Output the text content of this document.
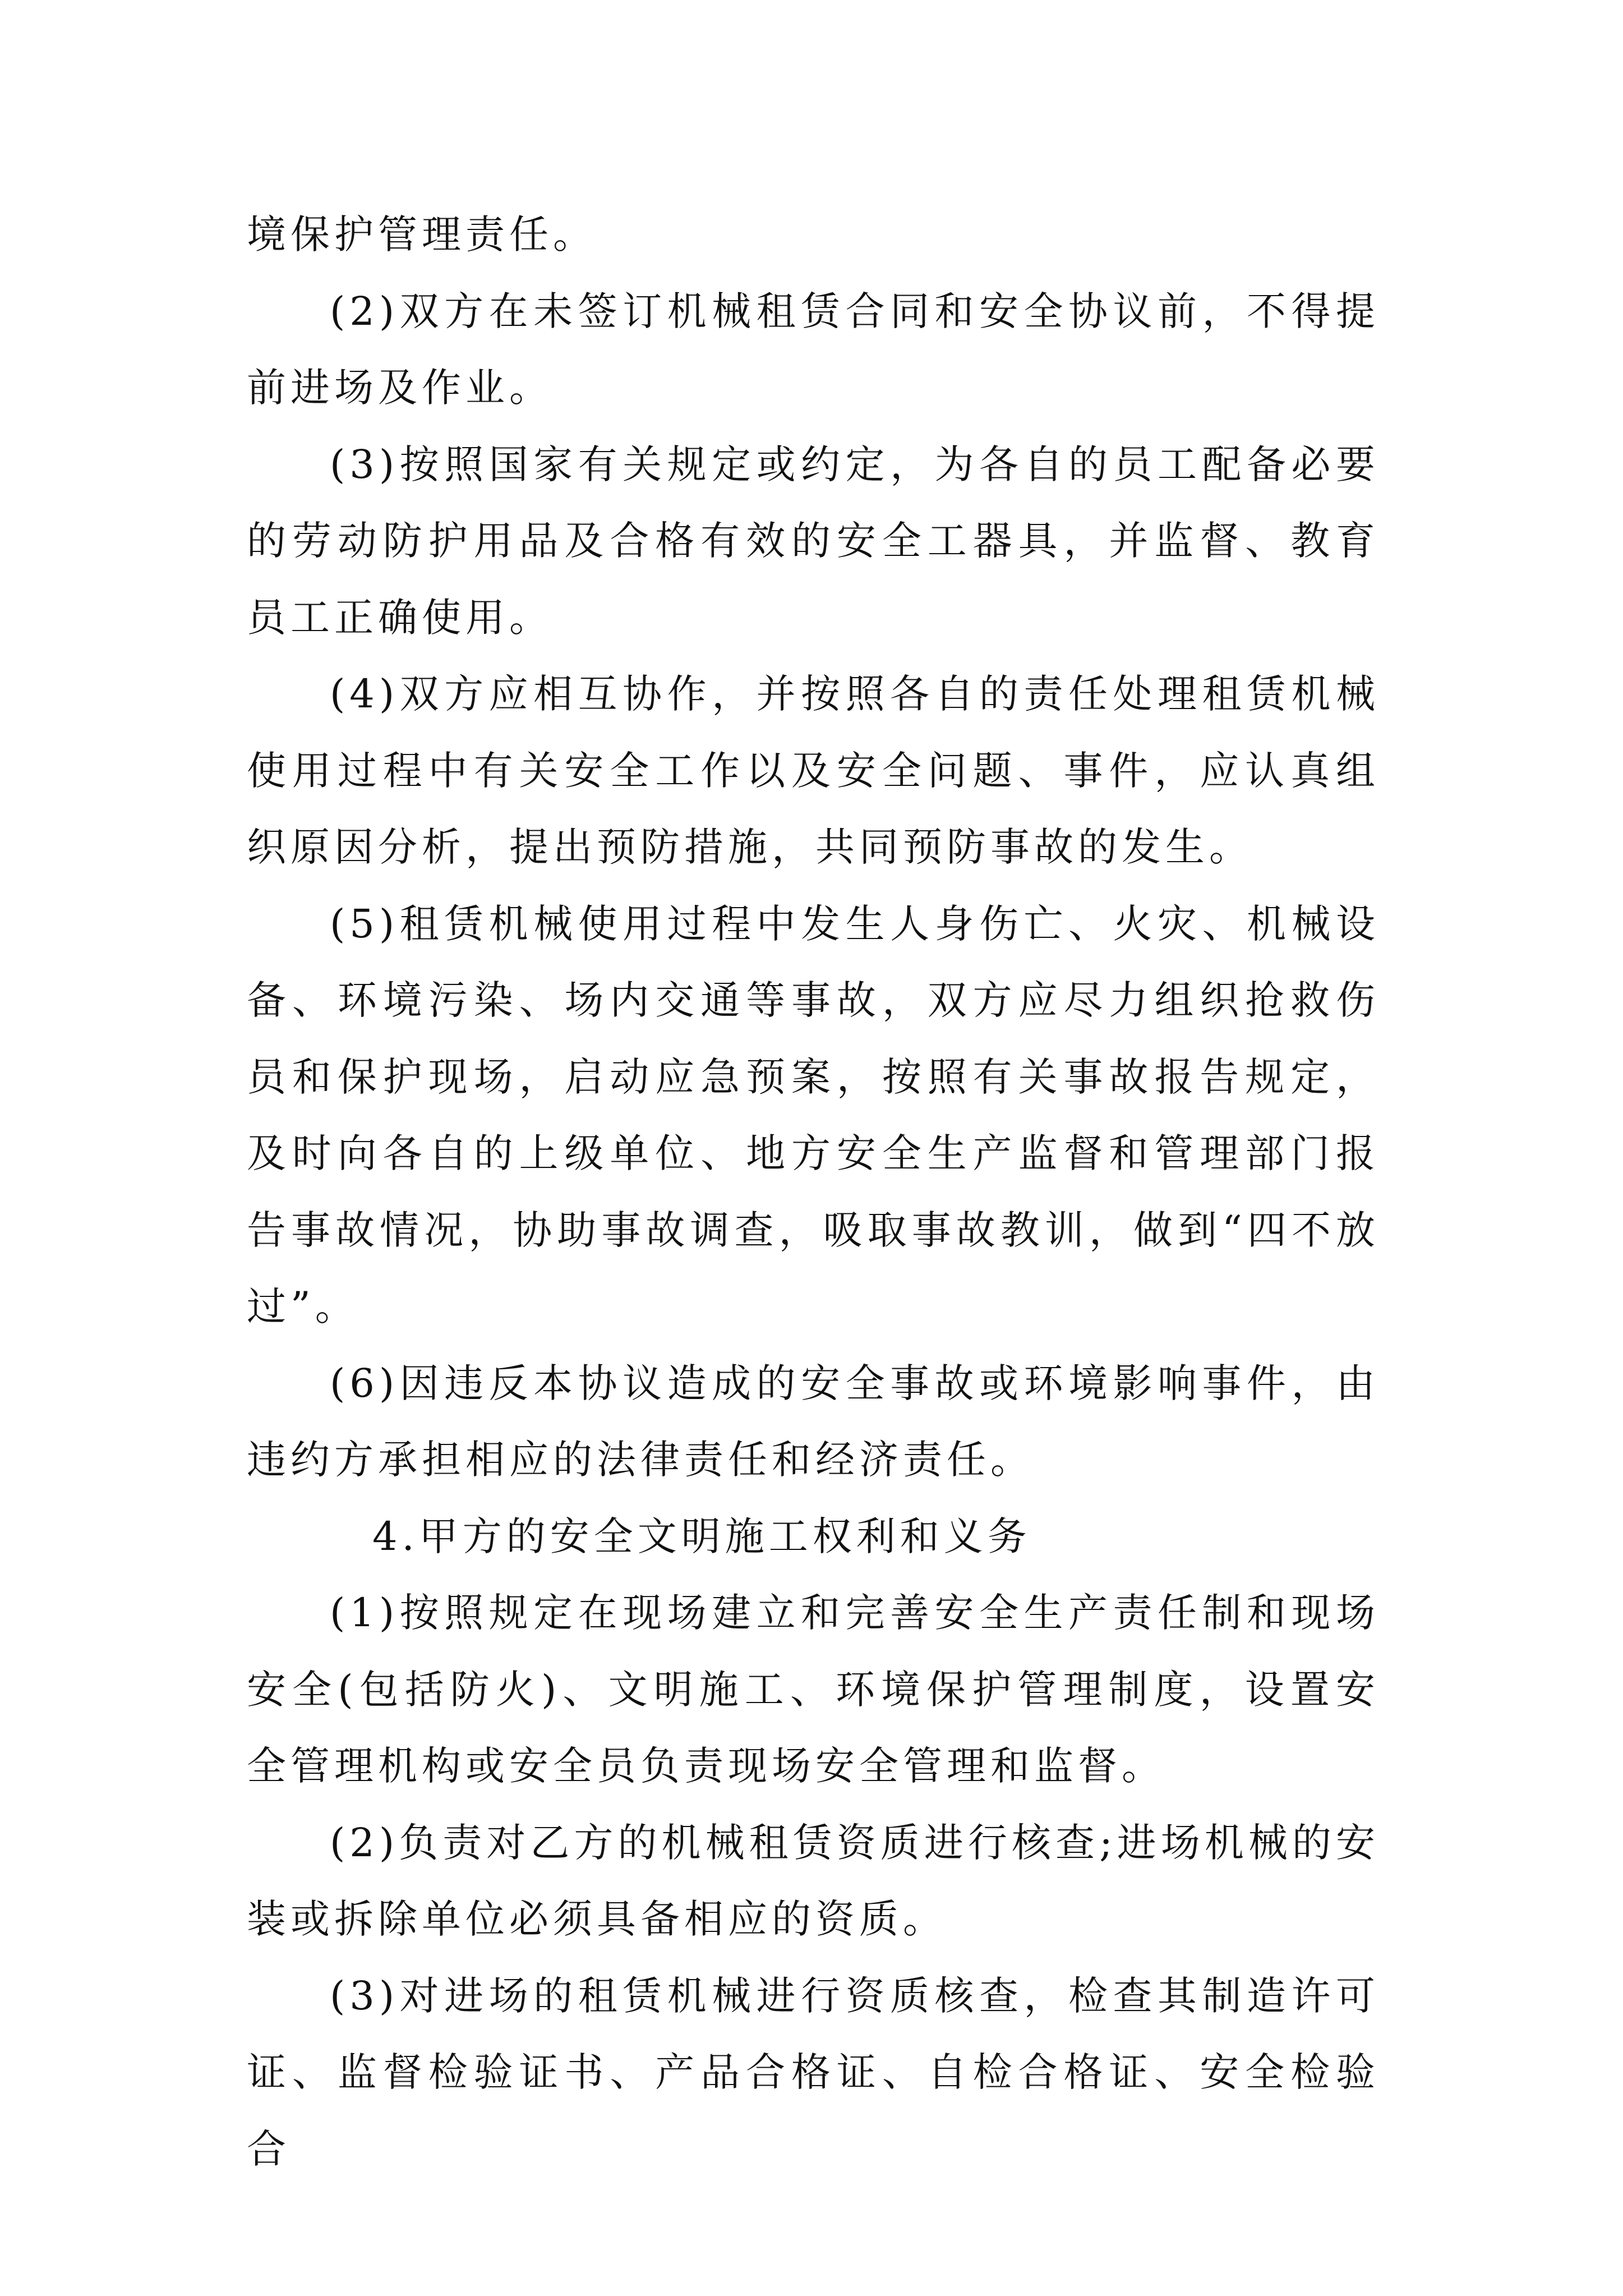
境保护管理责任。

(2)双方在未签订机械租赁合同和安全协议前，不得提前进场及作业。

(3)按照国家有关规定或约定，为各自的员工配备必要的劳动防护用品及合格有效的安全工器具，并监督、教育员工正确使用。

(4)双方应相互协作，并按照各自的责任处理租赁机械使用过程中有关安全工作以及安全问题、事件，应认真组织原因分析，提出预防措施，共同预防事故的发生。

(5)租赁机械使用过程中发生人身伤亡、火灾、机械设备、环境污染、场内交通等事故，双方应尽力组织抢救伤员和保护现场，启动应急预案，按照有关事故报告规定，及时向各自的上级单位、地方安全生产监督和管理部门报告事故情况，协助事故调查，吸取事故教训，做到“四不放过”。

(6)因违反本协议造成的安全事故或环境影响事件，由违约方承担相应的法律责任和经济责任。

4.甲方的安全文明施工权利和义务

(1)按照规定在现场建立和完善安全生产责任制和现场安全(包括防火)、文明施工、环境保护管理制度，设置安全管理机构或安全员负责现场安全管理和监督。

(2)负责对乙方的机械租赁资质进行核查;进场机械的安装或拆除单位必须具备相应的资质。

(3)对进场的租赁机械进行资质核查，检查其制造许可证、监督检验证书、产品合格证、自检合格证、安全检验合
